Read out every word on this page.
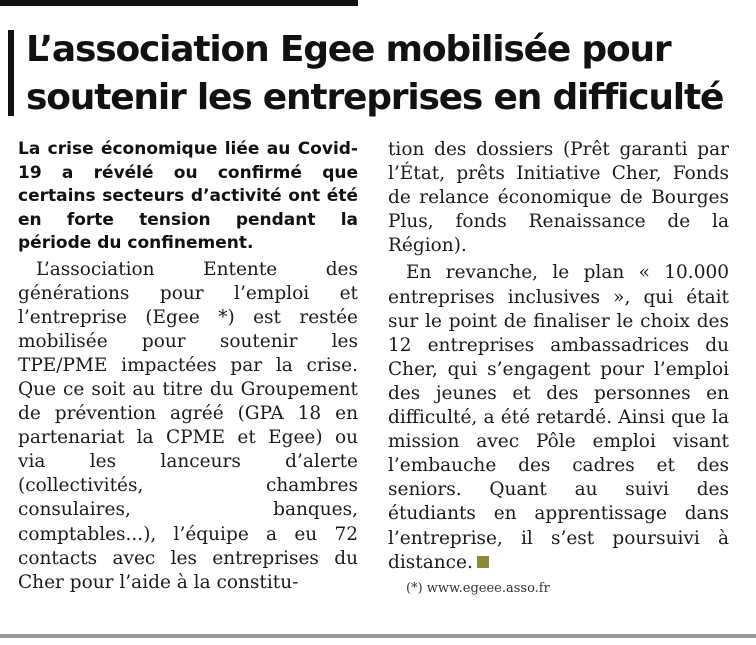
L’association Egee mobilisée pour soutenir les entreprises en difficulté

La crise économique liée au Covid-19 a révélé ou confirmé que certains secteurs d’activité ont été en forte tension pendant la période du confinement.

L’association Entente des générations pour l’emploi et l’entreprise (Egee *) est restée mobilisée pour soutenir les TPE/PME impactées par la crise. Que ce soit au titre du Groupement de prévention agréé (GPA 18 en partenariat la CPME et Egee) ou via les lanceurs d’alerte (collectivités, chambres consulaires, banques, comptables...), l’équipe a eu 72 contacts avec les entreprises du Cher pour l’aide à la constitu-

tion des dossiers (Prêt garanti par l’État, prêts Initiative Cher, Fonds de relance économique de Bourges Plus, fonds Renaissance de la Région).

En revanche, le plan « 10.000 entreprises inclusives », qui était sur le point de finaliser le choix des 12 entreprises ambassadrices du Cher, qui s’engagent pour l’emploi des jeunes et des personnes en difficulté, a été retardé. Ainsi que la mission avec Pôle emploi visant l’embauche des cadres et des seniors. Quant au suivi des étudiants en apprentissage dans l’entreprise, il s’est poursuivi à distance.

(*) www.egeee.asso.fr
